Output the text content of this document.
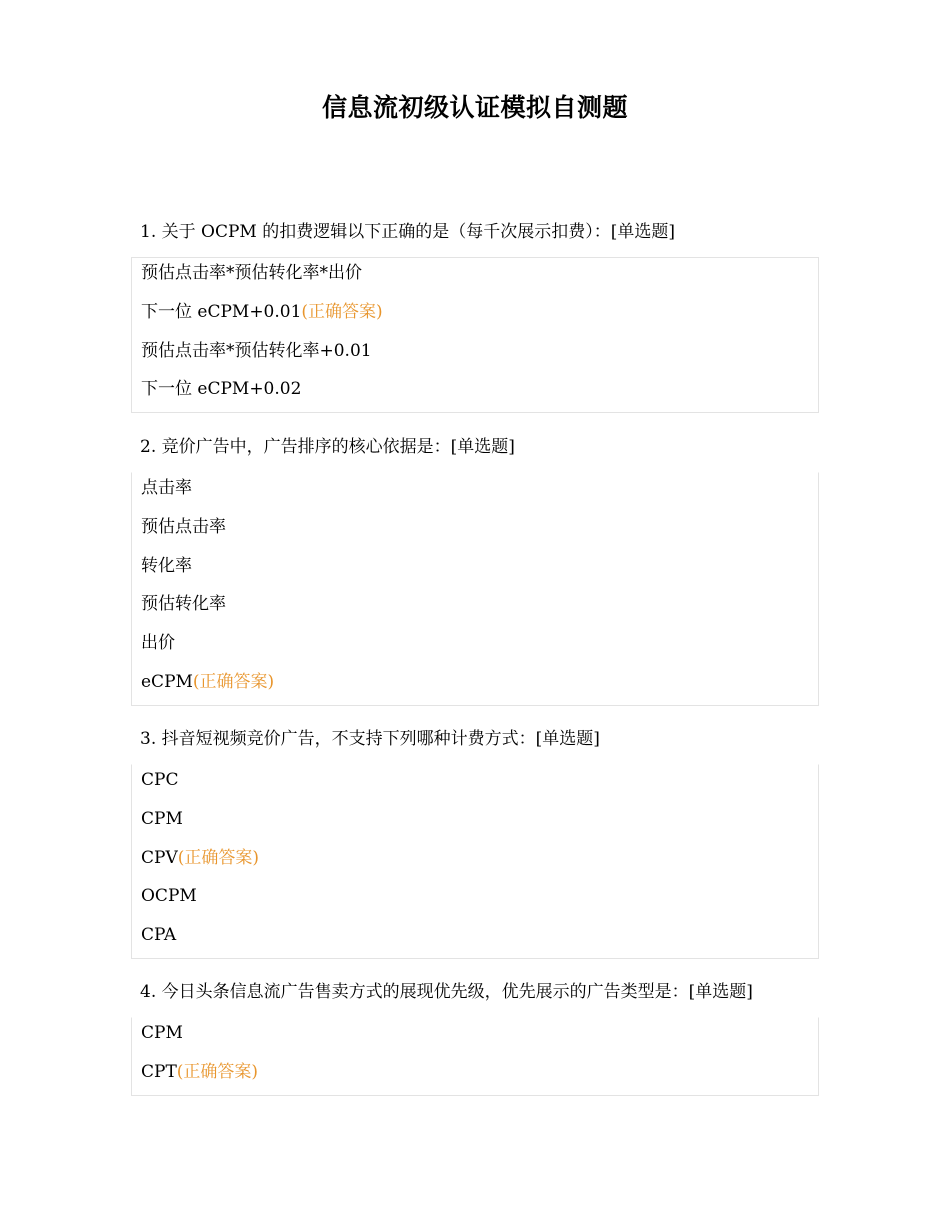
信息流初级认证模拟自测题
1. 关于 OCPM 的扣费逻辑以下正确的是（每千次展示扣费）：[单选题]
预估点击率*预估转化率*出价
下一位 eCPM+0.01(正确答案)
预估点击率*预估转化率+0.01
下一位 eCPM+0.02
2. 竞价广告中，广告排序的核心依据是：[单选题]
点击率
预估点击率
转化率
预估转化率
出价
eCPM(正确答案)
3. 抖音短视频竞价广告，不支持下列哪种计费方式：[单选题]
CPC
CPM
CPV(正确答案)
OCPM
CPA
4. 今日头条信息流广告售卖方式的展现优先级，优先展示的广告类型是：[单选题]
CPM
CPT(正确答案)
